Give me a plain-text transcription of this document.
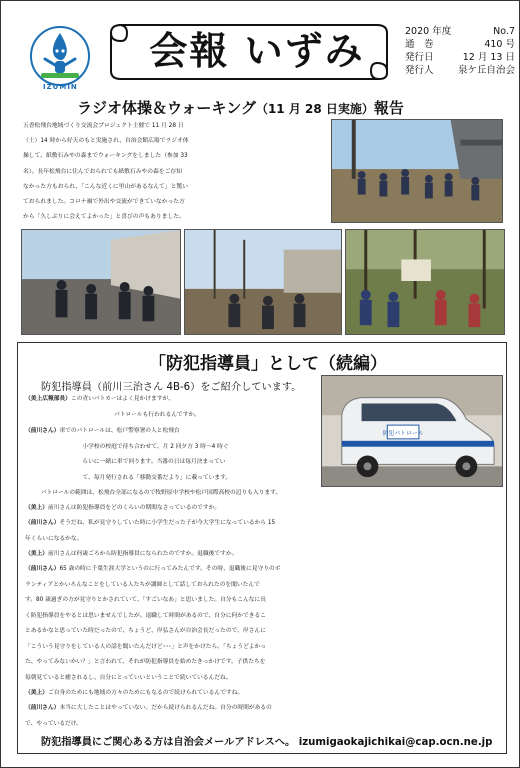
IZUMIN
会報 いずみ	2020 年度	No.7
通　巻	410 号
発行日	12 月 13 日
発行人	泉ケ丘自治会
ラジオ体操＆ウォーキング（11 月 28 日実施）報告
五香松飛台地域づくり交流会プロジェクト主催で 11 月 28 日
（土）14 時から好天のもと実施され、自治会館広場でラジオ体
操して、紙敷石みやの森までウォーキングをしました（参加 33
名）。長年松飛台に住んでおられても紙敷石みやの森をご存知
なかった方もおられ、「こんな近くに里山があるなんて」と驚い
ておられました。コロナ禍で外出や交流ができていなかった方
から「久しぶりに会えてよかった」と喜びの声もありました。
「防犯指導員」として（続編）
防犯パトロール
防犯指導員（前川三治さん 4B-6）をご紹介しています。
（美上広報部長）この青いパトカーはよく見かけますが、
パトロールも行われるんですか。
（前川さん）車でのパトロールは、松戸警察署の人と松飛台
小学校の校庭で待ち合わせて、月 2 回夕方 3 時〜4 時ぐ
らいに一緒に車で回ります。当番の日は毎月決まってい
て、毎月発行される「移動交番だより」に載っています。
パトロールの範囲は、松飛台全部になるので牧野原中学校や松戸国際高校の辺りも入ります。
（美上）前川さんは防犯指導員をどのくらいの期間なさっているのですか。
（前川さん）そうだね、私が見守りしていた時に小学生だった子が今大学生になっているから 15
年くらいになるかな。
（美上）前川さんは何歳ごろから防犯指導員になられたのですか。退職後ですか。
（前川さん）65 歳の時に千葉生涯大学というのに行ってみたんです。その時、退職後に見守りのボ
ランティアとかいろんなことをしている人たちが講師として話しておられたのを聞いたんで
す。80 歳過ぎの方が見守りとかされていて、「すごいなあ」と思いました。自分もこんなに長
く防犯指導員をやるとは思いませんでしたが。退職して時間があるので、自分に何かできるこ
とあるかなと思っていた時だったので、ちょうど、岸弘さんが自治会長だったので、岸さんに
「こういう見守りをしている人の話を聞いたんだけど･･･」と声をかけたら、「ちょうどよかっ
た、やってみないかい？」と言われて、それが防犯指導員を始めたきっかけです。子供たちを
毎朝見ていると癒されるし、自分にとっていいということで続いているんだね。
（美上）ご自身のためにも地域の方々のためにもなるので続けられているんですね。
（前川さん）本当に大したことはやっていない。だから続けられるんだね。自分の時間があるの
で、やっているだけ。
防犯指導員にご関心ある方は自治会メールアドレスへ。 izumigaokajichikai@cap.ocn.ne.jp
